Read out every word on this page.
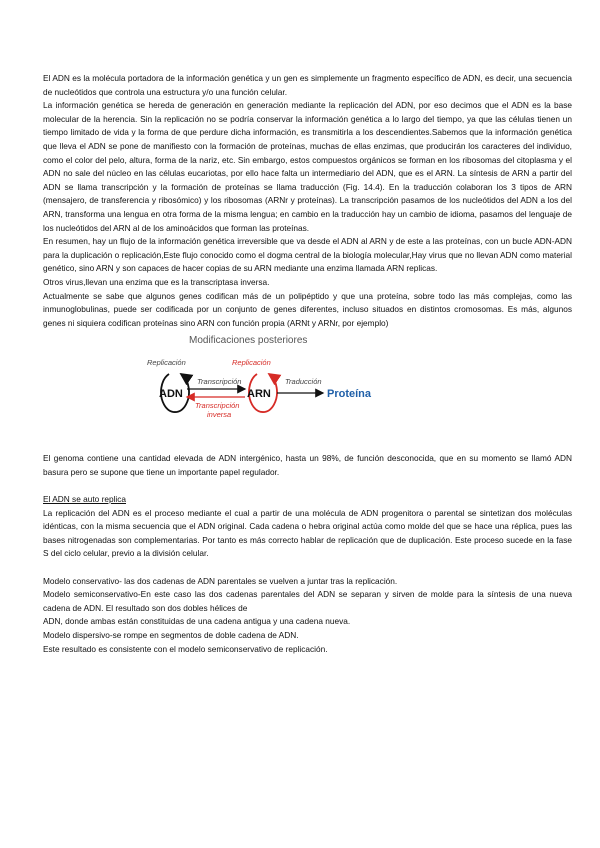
El ADN es la molécula portadora de la información genética y un gen es simplemente un fragmento específico de ADN, es decir, una secuencia de nucleótidos que controla una estructura y/o una función celular.

La información genética se hereda de generación en generación mediante la replicación del ADN, por eso decimos que el ADN es la base molecular de la herencia. Sin la replicación no se podría conservar la información genética a lo largo del tiempo, ya que las células tienen un tiempo limitado de vida y la forma de que perdure dicha información, es transmitirla a los descendientes.Sabemos que la información genética que lleva el ADN se pone de manifiesto con la formación de proteínas, muchas de ellas enzimas, que producirán los caracteres del individuo, como el color del pelo, altura, forma de la nariz, etc. Sin embargo, estos compuestos orgánicos se forman en los ribosomas del citoplasma y el ADN no sale del núcleo en las células eucariotas, por ello hace falta un intermediario del ADN, que es el ARN. La síntesis de ARN a partir del ADN se llama transcripción y la formación de proteínas se llama traducción (Fig. 14.4). En la traducción colaboran los 3 tipos de ARN (mensajero, de transferencia y ribosómico) y los ribosomas (ARNr y proteínas). La transcripción pasamos de los nucleótidos del ADN a los del ARN, transforma una lengua en otra forma de la misma lengua; en cambio en la traducción hay un cambio de idioma, pasamos del lenguaje de los nucleótidos del ARN al de los aminoácidos que forman las proteínas.

En resumen, hay un flujo de la información genética irreversible que va desde el ADN al ARN y de este a las proteínas, con un bucle ADN-ADN para la duplicación o replicación,Este flujo conocido como el dogma central de la biología molecular,Hay virus que no llevan ADN como material genético, sino ARN y son capaces de hacer copias de su ARN mediante una enzima llamada ARN replicas.

Otros virus,llevan una enzima que es la transcriptasa inversa.

Actualmente se sabe que algunos genes codifican más de un polipéptido y que una proteína, sobre todo las más complejas, como las inmunoglobulinas, puede ser codificada por un conjunto de genes diferentes, incluso situados en distintos cromosomas. Es más, algunos genes ni siquiera codifican proteínas sino ARN con función propia (ARNt y ARNr, por ejemplo)

Modificaciones posteriores
Replicación	Replicación
ADN	ARN	Proteína
Transcripción
Transcripción
inversa
Traducción

El genoma contiene una cantidad elevada de ADN intergénico, hasta un 98%, de función desconocida, que en su momento se llamó ADN basura pero se supone que tiene un importante papel regulador.

El ADN se auto replica

La replicación del ADN es el proceso mediante el cual a partir de una molécula de ADN progenitora o parental se sintetizan dos moléculas idénticas, con la misma secuencia que el ADN original. Cada cadena o hebra original actúa como molde del que se hace una réplica, pues las bases nitrogenadas son complementarias. Por tanto es más correcto hablar de replicación que de duplicación. Este proceso sucede en la fase S del ciclo celular, previo a la división celular.

Modelo conservativo- las dos cadenas de ADN parentales se vuelven a juntar tras la replicación.

Modelo semiconservativo-En este caso las dos cadenas parentales del ADN se separan y sirven de molde para la síntesis de una nueva cadena de ADN. El resultado son dos dobles hélices de

ADN, donde ambas están constituidas de una cadena antigua y una cadena nueva.

Modelo dispersivo-se rompe en segmentos de doble cadena de ADN.

Este resultado es consistente con el modelo semiconservativo de replicación.
